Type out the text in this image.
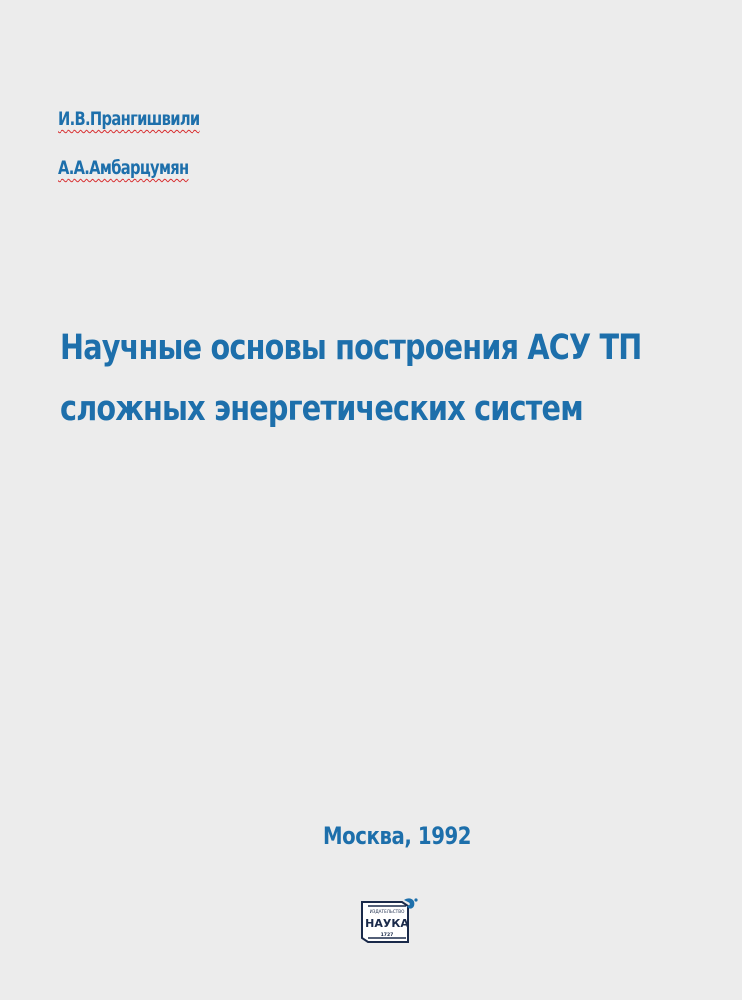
И.В.Прангишвили
А.А.Амбарцумян
Научные основы построения АСУ ТП
сложных энергетических систем
Москва, 1992
ИЗДАТЕЛЬСТВО
НАУКА
1727
